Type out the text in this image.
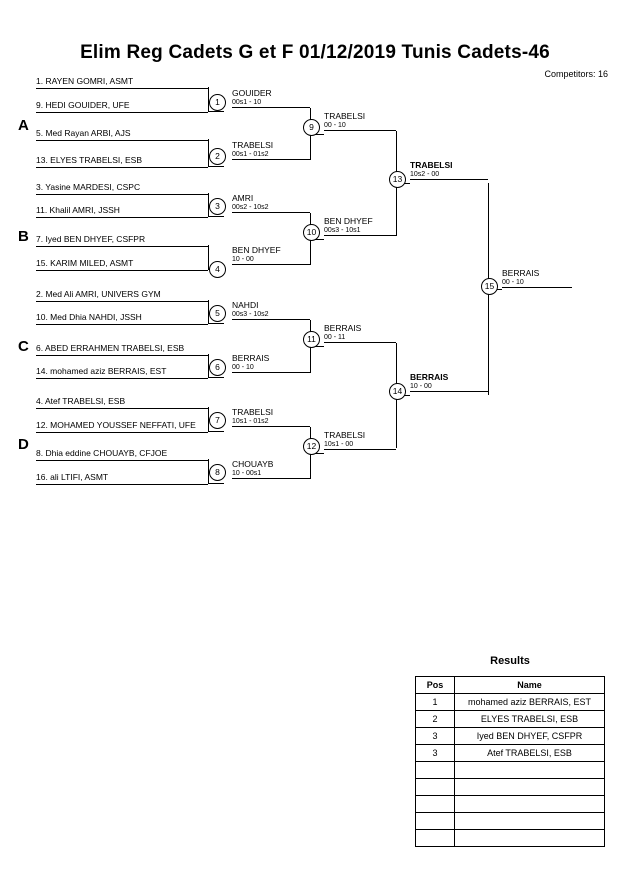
Elim Reg Cadets G et F 01/12/2019 Tunis Cadets-46
Competitors: 16
A
B
C
D
1. RAYEN GOMRI, ASMT
9. HEDI GOUIDER, UFE
5. Med Rayan ARBI, AJS
13. ELYES TRABELSI, ESB
3. Yasine MARDESI, CSPC
11. Khalil AMRI, JSSH
7. Iyed BEN DHYEF, CSFPR
15. KARIM MILED, ASMT
2. Med Ali AMRI, UNIVERS GYM
10. Med Dhia NAHDI, JSSH
6. ABED ERRAHMEN TRABELSI, ESB
14. mohamed aziz BERRAIS, EST
4. Atef TRABELSI, ESB
12. MOHAMED YOUSSEF NEFFATI, UFE
8. Dhia eddine CHOUAYB, CFJOE
16. ali LTIFI, ASMT
GOUIDER
00s1 - 10
TRABELSI
00s1 - 01s2
AMRI
00s2 - 10s2
BEN DHYEF
10 - 00
NAHDI
00s3 - 10s2
BERRAIS
00 - 10
TRABELSI
10s1 - 01s2
CHOUAYB
10 - 00s1
TRABELSI
00 - 10
BEN DHYEF
00s3 - 10s1
BERRAIS
00 - 11
TRABELSI
10s1 - 00
TRABELSI
10s2 - 00
BERRAIS
10 - 00
BERRAIS
00 - 10
1
2
3
4
5
6
7
8
9
10
11
12
13
14
15
Results
Pos	Name
1	mohamed aziz BERRAIS, EST
2	ELYES TRABELSI, ESB
3	Iyed BEN DHYEF, CSFPR
3	Atef TRABELSI, ESB
